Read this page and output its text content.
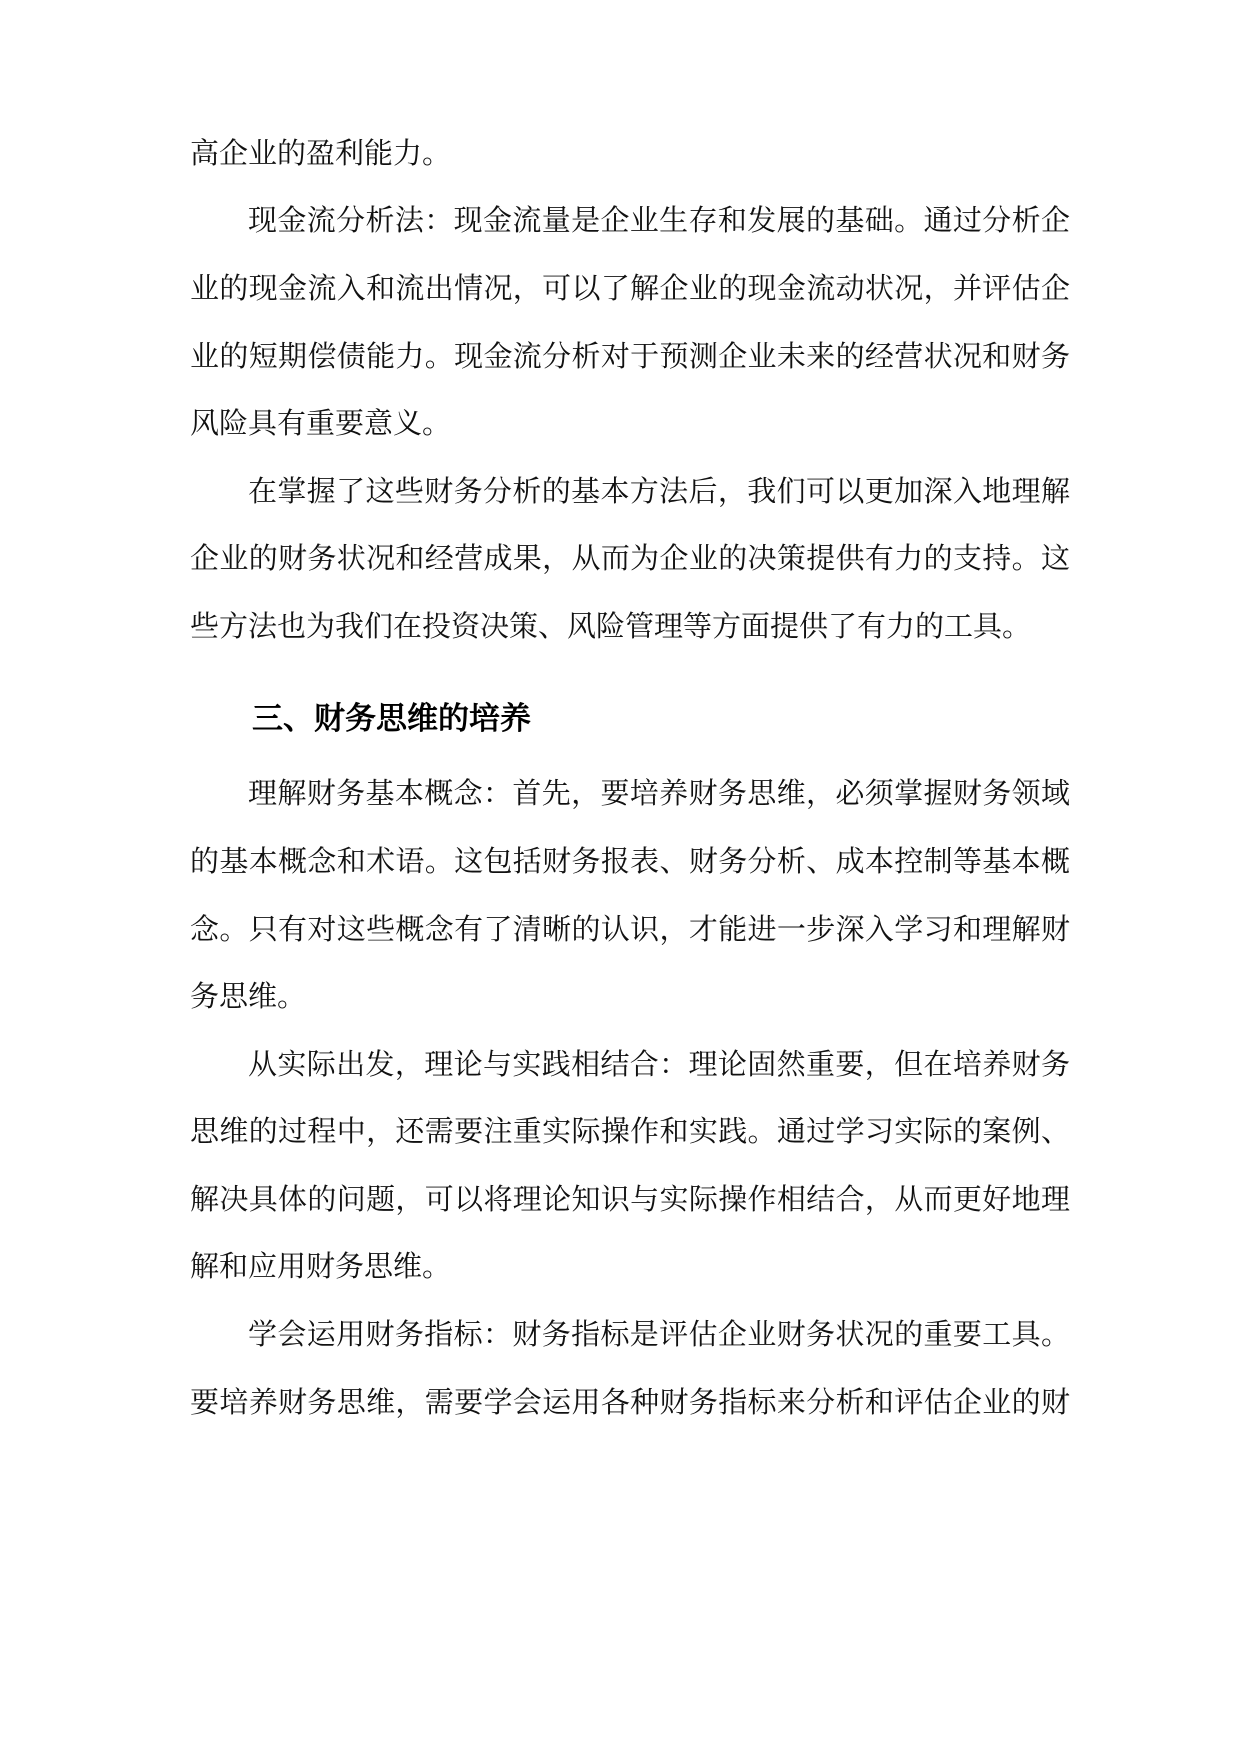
高企业的盈利能力。
现金流分析法：现金流量是企业生存和发展的基础。通过分析企
业的现金流入和流出情况，可以了解企业的现金流动状况，并评估企
业的短期偿债能力。现金流分析对于预测企业未来的经营状况和财务
风险具有重要意义。
在掌握了这些财务分析的基本方法后，我们可以更加深入地理解
企业的财务状况和经营成果，从而为企业的决策提供有力的支持。这
些方法也为我们在投资决策、风险管理等方面提供了有力的工具。
三、财务思维的培养
理解财务基本概念：首先，要培养财务思维，必须掌握财务领域
的基本概念和术语。这包括财务报表、财务分析、成本控制等基本概
念。只有对这些概念有了清晰的认识，才能进一步深入学习和理解财
务思维。
从实际出发，理论与实践相结合：理论固然重要，但在培养财务
思维的过程中，还需要注重实际操作和实践。通过学习实际的案例、
解决具体的问题，可以将理论知识与实际操作相结合，从而更好地理
解和应用财务思维。
学会运用财务指标：财务指标是评估企业财务状况的重要工具。
要培养财务思维，需要学会运用各种财务指标来分析和评估企业的财
